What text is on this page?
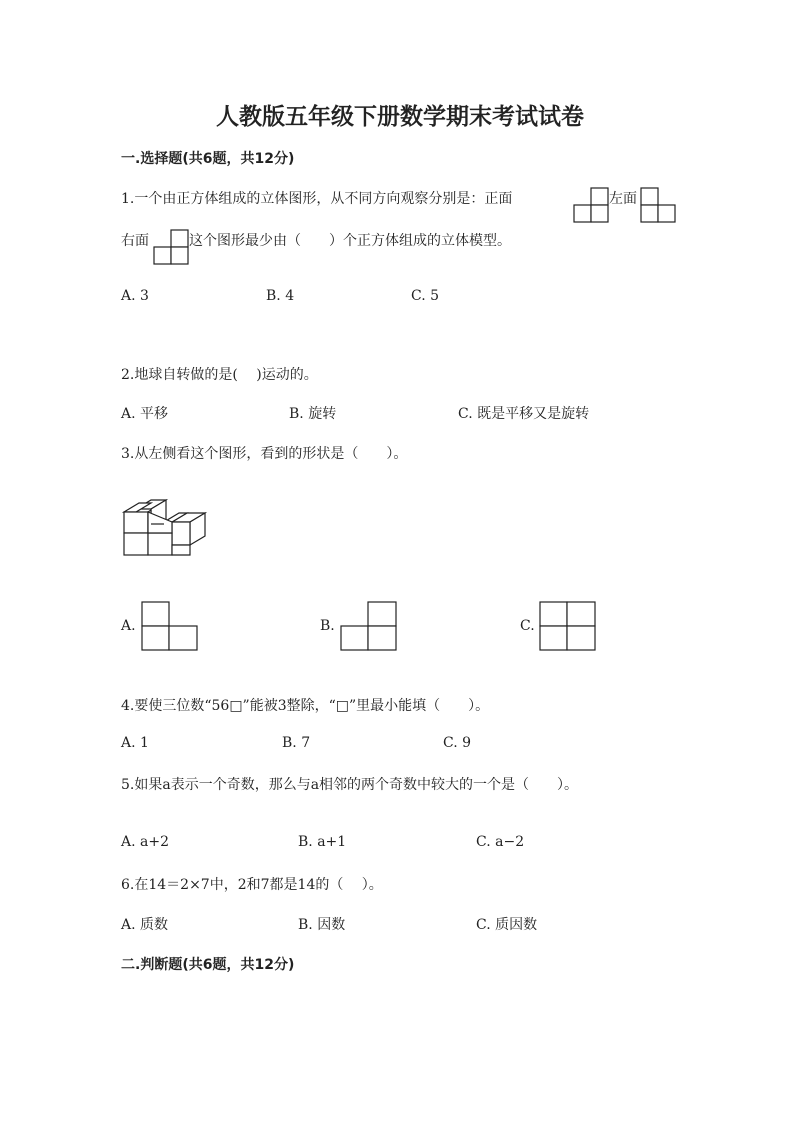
人教版五年级下册数学期末考试试卷
一.选择题(共6题，共12分)
1.一个由正方体组成的立体图形，从不同方向观察分别是：正面	左面
右面	这个图形最少由（　　）个正方体组成的立体模型。
A. 3	B. 4	C. 5
2.地球自转做的是(　 )运动的。
A. 平移	B. 旋转	C. 既是平移又是旋转
3.从左侧看这个图形，看到的形状是（　　）。
A.	B.	C.
4.要使三位数“56□”能被3整除，“□”里最小能填（　　）。
A. 1	B. 7	C. 9
5.如果a表示一个奇数，那么与a相邻的两个奇数中较大的一个是（　　）。
A. a+2	B. a+1	C. a−2
6.在14＝2×7中，2和7都是14的（　 ）。
A. 质数	B. 因数	C. 质因数
二.判断题(共6题，共12分)
